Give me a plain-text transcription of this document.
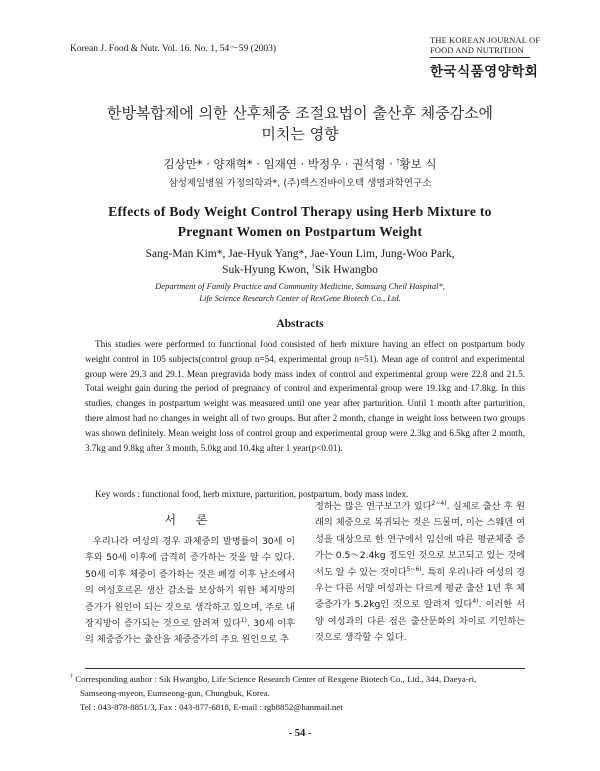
Korean J. Food & Nutr. Vol. 16. No. 1, 54～59 (2003)
THE KOREAN JOURNAL OF
FOOD AND NUTRITION
한국식품영양학회
한방복합제에 의한 산후체중 조절요법이 출산후 체중감소에
미치는 영향
김상만* · 양재혁* · 임재연 · 박정우 · 권석형 · †황보 식
삼성제일병원 가정의학과*, (주)렉스진바이오텍 생명과학연구소
Effects of Body Weight Control Therapy using Herb Mixture to
Pregnant Women on Postpartum Weight
Sang-Man Kim*, Jae-Hyuk Yang*, Jae-Youn Lim, Jung-Woo Park,
Suk-Hyung Kwon, †Sik Hwangbo
Department of Family Practice and Community Medicine, Samsung Cheil Hospital*,
Life Science Research Center of RexGene Biotech Co., Ltd.
Abstracts

This studies were performed to functional food consisted of herb mixture having an effect on postpartum body weight control in 105 subjects(control group n=54, experimental group n=51). Mean age of control and experimental group were 29.3 and 29.1. Mean pregravida body mass index of control and experimental group were 22.8 and 21.5. Total weight gain during the period of pregnancy of control and experimental group were 19.1kg and 17.8kg. In this studies, changes in postpartum weight was measured until one year after parturition. Until 1 month after parturition, there almost had no changes in weight all of two groups. But after 2 month, change in weight loss between two groups was shown definitely. Mean weight loss of control group and experimental group were 2.3kg and 6.5kg after 2 month, 3.7kg and 9.8kg after 3 month, 5.0kg and 10.4kg after 1 year(p<0.01).

Key words : functional food, herb mixture, parturition, postpartum, body mass index.
서 론

우리나라 여성의 경우 과체중의 발병률이 30세 이후와 50세 이후에 급격히 증가하는 것을 알 수 있다. 50세 이후 체중이 증가하는 것은 폐경 이후 난소에서의 여성호르몬 생산 감소를 보상하기 위한 체지방의 증가가 원인이 되는 것으로 생각하고 있으며, 주로 내장지방이 증가되는 것으로 알려져 있다$^{1)}$. 30세 이후의 체중증가는 출산을 체중증가의 주요 원인으로 추

정하는 많은 연구보고가 있다$^{2\sim 4)}$. 실제로 출산 후 원래의 체중으로 복귀되는 것은 드물며, 이는 스웨덴 여성을 대상으로 한 연구에서 임신에 따른 평균체중 증가는 0.5～2.4kg 정도인 것으로 보고되고 있는 것에서도 알 수 있는 것이다$^{5\sim 6)}$. 특히 우리나라 여성의 경우는 다른 서양 여성과는 다르게 평균 출산 1년 후 체중증가가 5.2kg인 것으로 알려져 있다$^{4)}$. 이러한 서양 여성과의 다른 점은 출산문화의 차이로 기인하는 것으로 생각할 수 있다.

† Corresponding author : Sik Hwangbo, Life Science Research Center of Rexgene Biotech Co., Ltd., 344, Daeya-ri,
Samseong-myeon, Eumseong-gun, Chungbuk, Korea.
Tel : 043-878-8851/3, Fax : 043-877-6818, E-mail : rgb8852@hanmail.net
- 54 -
